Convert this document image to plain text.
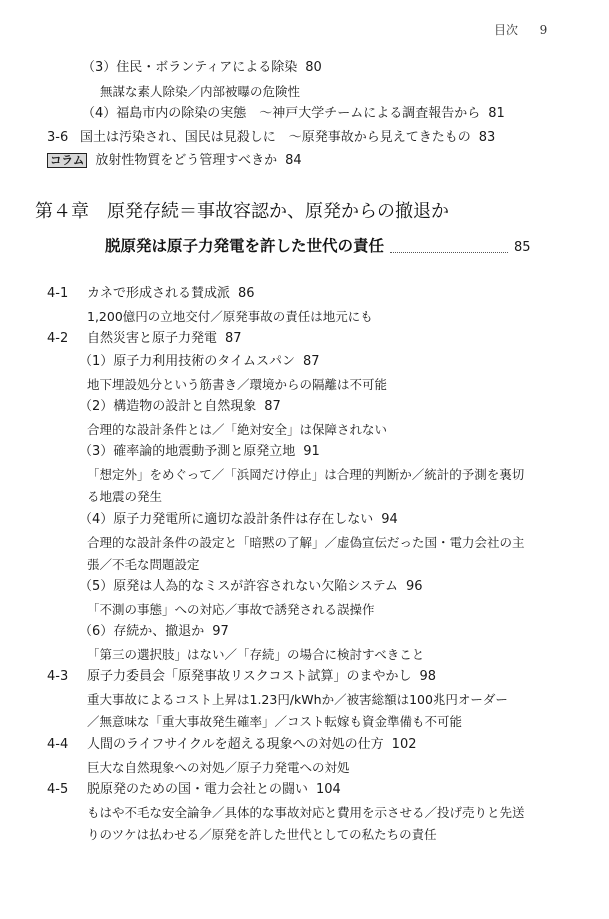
目次 9
（3）住民・ボランティアによる除染 80
無謀な素人除染／内部被曝の危険性
（4）福島市内の除染の実態　～神戸大学チームによる調査報告から 81
3-6 国土は汚染され、国民は見殺しに　～原発事故から見えてきたもの 83
コラム 放射性物質をどう管理すべきか 84
第４章　原発存続＝事故容認か、原発からの撤退か
脱原発は原子力発電を許した世代の責任	85
4-1 カネで形成される賛成派 86
1,200億円の立地交付／原発事故の責任は地元にも
4-2 自然災害と原子力発電 87
（1）原子力利用技術のタイムスパン 87
地下埋設処分という筋書き／環境からの隔離は不可能
（2）構造物の設計と自然現象 87
合理的な設計条件とは／「絶対安全」は保障されない
（3）確率論的地震動予測と原発立地 91
「想定外」をめぐって／「浜岡だけ停止」は合理的判断か／統計的予測を裏切
る地震の発生
（4）原子力発電所に適切な設計条件は存在しない 94
合理的な設計条件の設定と「暗黙の了解」／虚偽宣伝だった国・電力会社の主
張／不毛な問題設定
（5）原発は人為的なミスが許容されない欠陥システム 96
「不測の事態」への対応／事故で誘発される誤操作
（6）存続か、撤退か 97
「第三の選択肢」はない／「存続」の場合に検討すべきこと
4-3 原子力委員会「原発事故リスクコスト試算」のまやかし 98
重大事故によるコスト上昇は1.23円/kWhか／被害総額は100兆円オーダー
／無意味な「重大事故発生確率」／コスト転嫁も資金準備も不可能
4-4 人間のライフサイクルを超える現象への対処の仕方 102
巨大な自然現象への対処／原子力発電への対処
4-5 脱原発のための国・電力会社との闘い 104
もはや不毛な安全論争／具体的な事故対応と費用を示させる／投げ売りと先送
りのツケは払わせる／原発を許した世代としての私たちの責任
